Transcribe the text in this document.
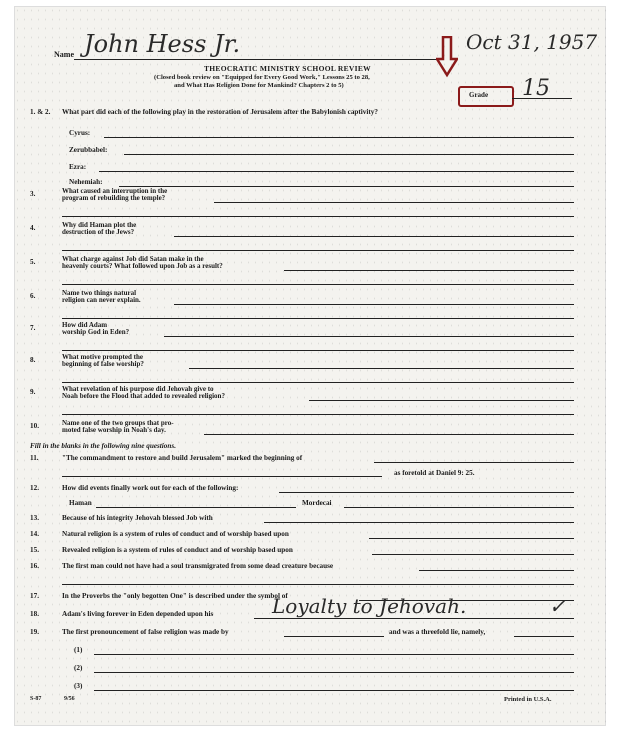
Name John Hess Jr.	Oct 31, 1957
THEOCRATIC MINISTRY SCHOOL REVIEW
(Closed book review on "Equipped for Every Good Work," Lessons 25 to 28,
and What Has Religion Done for Mankind? Chapters 2 to 5)
Grade 15
1. & 2. What part did each of the following play in the restoration of Jerusalem after the Babylonish captivity?
Cyrus:
Zerubbabel:
Ezra:
Nehemiah:
3.	What caused an interruption in the
program of rebuilding the temple?
4.	Why did Haman plot the
destruction of the Jews?
5.	What charge against Job did Satan make in the
heavenly courts? What followed upon Job as a result?
6.	Name two things natural
religion can never explain.
7.	How did Adam
worship God in Eden?
8.	What motive prompted the
beginning of false worship?
9.	What revelation of his purpose did Jehovah give to
Noah before the Flood that added to revealed religion?
10.	Name one of the two groups that pro-
moted false worship in Noah's day.
Fill in the blanks in the following nine questions.
11.	"The commandment to restore and build Jerusalem" marked the beginning of
as foretold at Daniel 9: 25.
12.	How did events finally work out for each of the following:
Haman	Mordecai
13.	Because of his integrity Jehovah blessed Job with
14.	Natural religion is a system of rules of conduct and of worship based upon
15.	Revealed religion is a system of rules of conduct and of worship based upon
16.	The first man could not have had a soul transmigrated from some dead creature because
17.	In the Proverbs the "only begotten One" is described under the symbol of
18.	Adam's living forever in Eden depended upon his	Loyalty to Jehovah.	✓
19.	The first pronouncement of false religion was made by	and was a threefold lie, namely,
(1)
(2)
(3)
S-87	9/56	Printed in U.S.A.
